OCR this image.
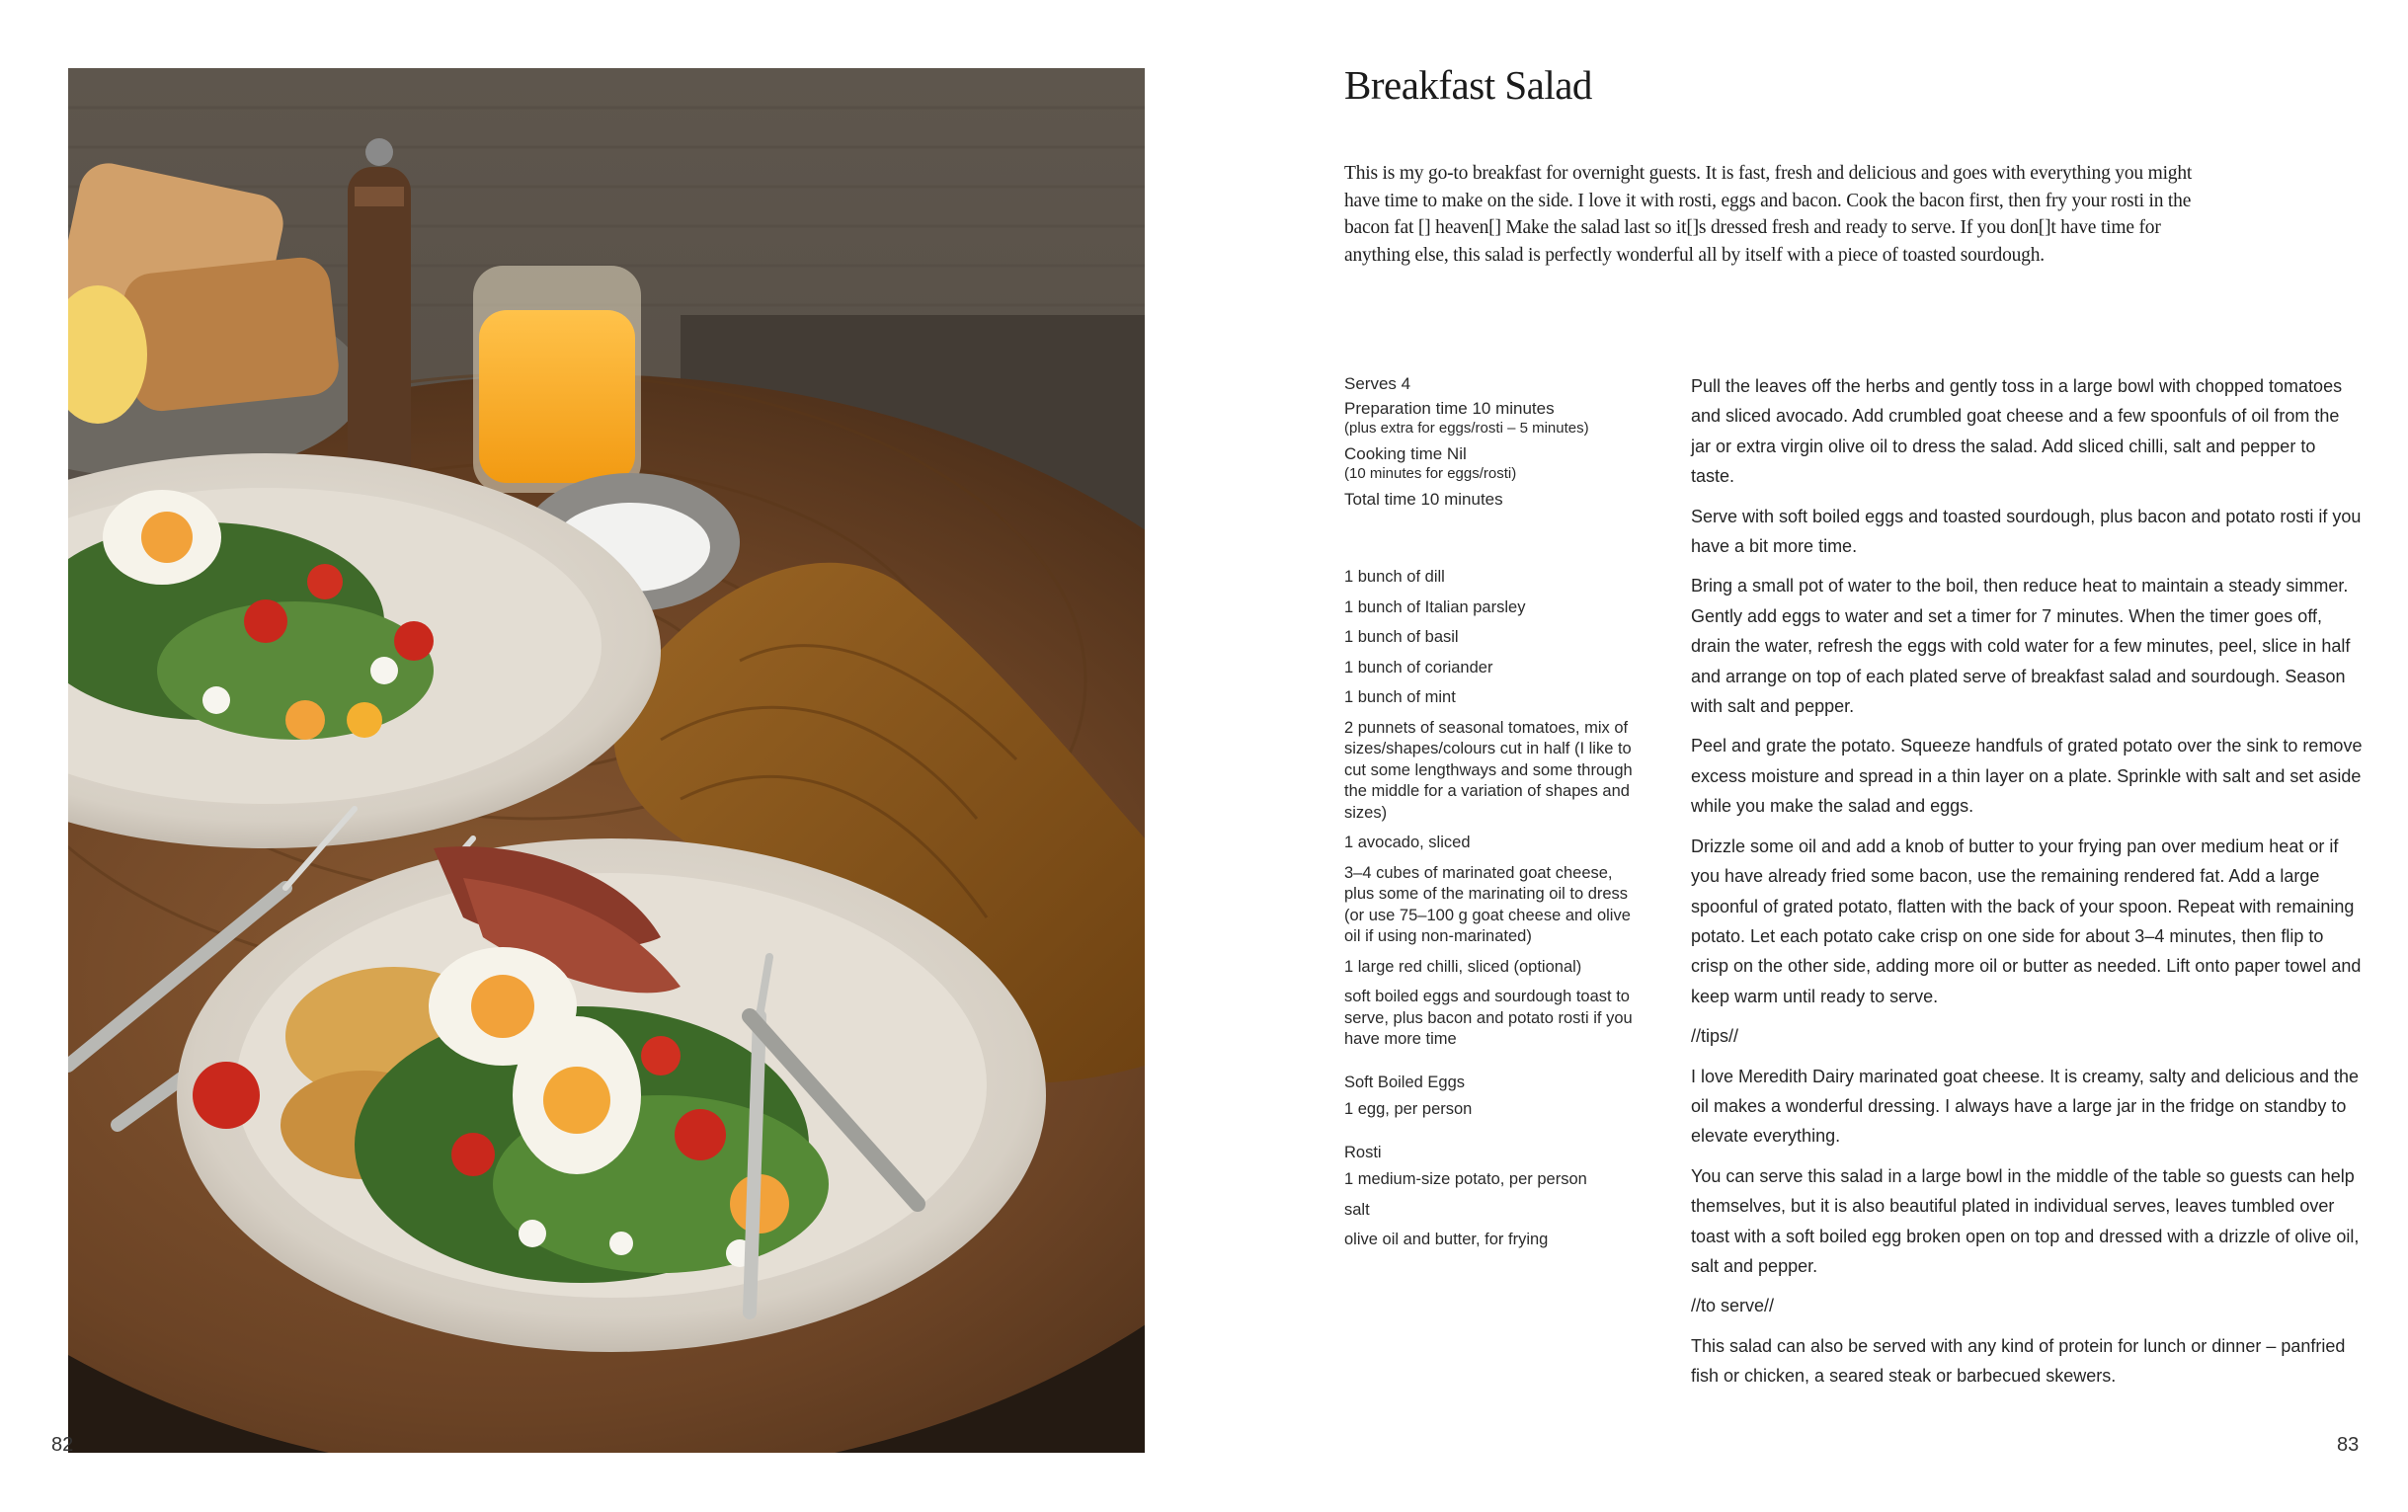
82
Breakfast Salad

This is my go-to breakfast for overnight guests. It is fast, fresh and delicious and goes with everything you might have time to make on the side. I love it with rosti, eggs and bacon. Cook the bacon first, then fry your rosti in the bacon fat [] heaven[] Make the salad last so it[]s dressed fresh and ready to serve. If you don[]t have time for anything else, this salad is perfectly wonderful all by itself with a piece of toasted sourdough.

Serves 4
Preparation time 10 minutes
(plus extra for eggs/rosti – 5 minutes)
Cooking time Nil
(10 minutes for eggs/rosti)
Total time 10 minutes
1 bunch of dill
1 bunch of Italian parsley
1 bunch of basil
1 bunch of coriander
1 bunch of mint
2 punnets of seasonal tomatoes, mix of sizes/shapes/colours cut in half (I like to cut some lengthways and some through the middle for a variation of shapes and sizes)
1 avocado, sliced
3–4 cubes of marinated goat cheese, plus some of the marinating oil to dress (or use 75–100 g goat cheese and olive oil if using non-marinated)
1 large red chilli, sliced (optional)
soft boiled eggs and sourdough toast to serve, plus bacon and potato rosti if you have more time
Soft Boiled Eggs
1 egg, per person
Rosti
1 medium-size potato, per person
salt
olive oil and butter, for frying

Pull the leaves off the herbs and gently toss in a large bowl with chopped tomatoes and sliced avocado. Add crumbled goat cheese and a few spoonfuls of oil from the jar or extra virgin olive oil to dress the salad. Add sliced chilli, salt and pepper to taste.

Serve with soft boiled eggs and toasted sourdough, plus bacon and potato rosti if you have a bit more time.

Bring a small pot of water to the boil, then reduce heat to maintain a steady simmer. Gently add eggs to water and set a timer for 7 minutes. When the timer goes off, drain the water, refresh the eggs with cold water for a few minutes, peel, slice in half and arrange on top of each plated serve of breakfast salad and sourdough. Season with salt and pepper.

Peel and grate the potato. Squeeze handfuls of grated potato over the sink to remove excess moisture and spread in a thin layer on a plate. Sprinkle with salt and set aside while you make the salad and eggs.

Drizzle some oil and add a knob of butter to your frying pan over medium heat or if you have already fried some bacon, use the remaining rendered fat. Add a large spoonful of grated potato, flatten with the back of your spoon. Repeat with remaining potato. Let each potato cake crisp on one side for about 3–4 minutes, then flip to crisp on the other side, adding more oil or butter as needed. Lift onto paper towel and keep warm until ready to serve.

//tips//

I love Meredith Dairy marinated goat cheese. It is creamy, salty and delicious and the oil makes a wonderful dressing. I always have a large jar in the fridge on standby to elevate everything.

You can serve this salad in a large bowl in the middle of the table so guests can help themselves, but it is also beautiful plated in individual serves, leaves tumbled over toast with a soft boiled egg broken open on top and dressed with a drizzle of olive oil, salt and pepper.

//to serve//

This salad can also be served with any kind of protein for lunch or dinner – panfried fish or chicken, a seared steak or barbecued skewers.

83
